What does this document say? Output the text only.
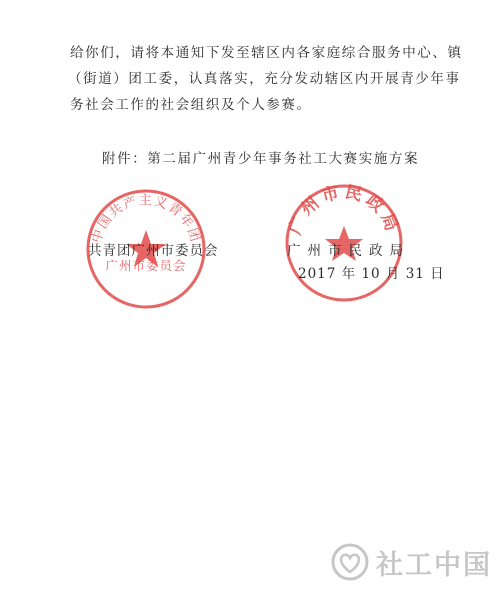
给你们，请将本通知下发至辖区内各家庭综合服务中心、镇

（街道）团工委，认真落实，充分发动辖区内开展青少年事

务社会工作的社会组织及个人参赛。

附件：第二届广州青少年事务社工大赛实施方案

中国共产主义青年团
广州市委员会
广州市民政局
共青团广州市委员会	广州市民政局
2017 年 10 月 31 日
社工中国
